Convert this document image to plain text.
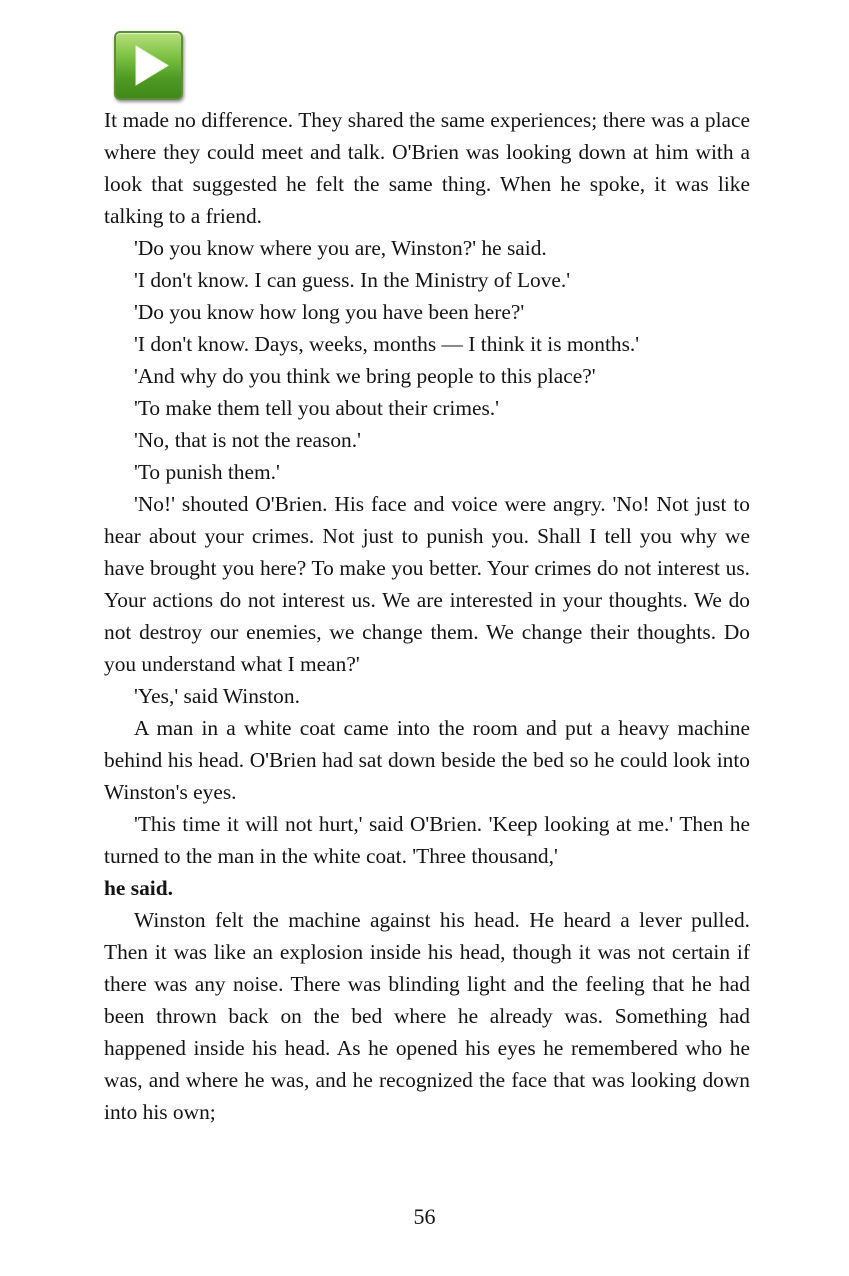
It made no difference. They shared the same experiences; there was a place where they could meet and talk. O'Brien was looking down at him with a look that suggested he felt the same thing. When he spoke, it was like talking to a friend.

'Do you know where you are, Winston?' he said.

'I don't know. I can guess. In the Ministry of Love.'

'Do you know how long you have been here?'

'I don't know. Days, weeks, months — I think it is months.'

'And why do you think we bring people to this place?'

'To make them tell you about their crimes.'

'No, that is not the reason.'

'To punish them.'

'No!' shouted O'Brien. His face and voice were angry. 'No! Not just to hear about your crimes. Not just to punish you. Shall I tell you why we have brought you here? To make you better. Your crimes do not interest us. Your actions do not interest us. We are interested in your thoughts. We do not destroy our enemies, we change them. We change their thoughts. Do you understand what I mean?'

'Yes,' said Winston.

A man in a white coat came into the room and put a heavy machine behind his head. O'Brien had sat down beside the bed so he could look into Winston's eyes.

'This time it will not hurt,' said O'Brien. 'Keep looking at me.' Then he turned to the man in the white coat. 'Three thousand,'

he said.

Winston felt the machine against his head. He heard a lever pulled. Then it was like an explosion inside his head, though it was not certain if there was any noise. There was blinding light and the feeling that he had been thrown back on the bed where he already was. Something had happened inside his head. As he opened his eyes he remembered who he was, and where he was, and he recognized the face that was looking down into his own;

56
